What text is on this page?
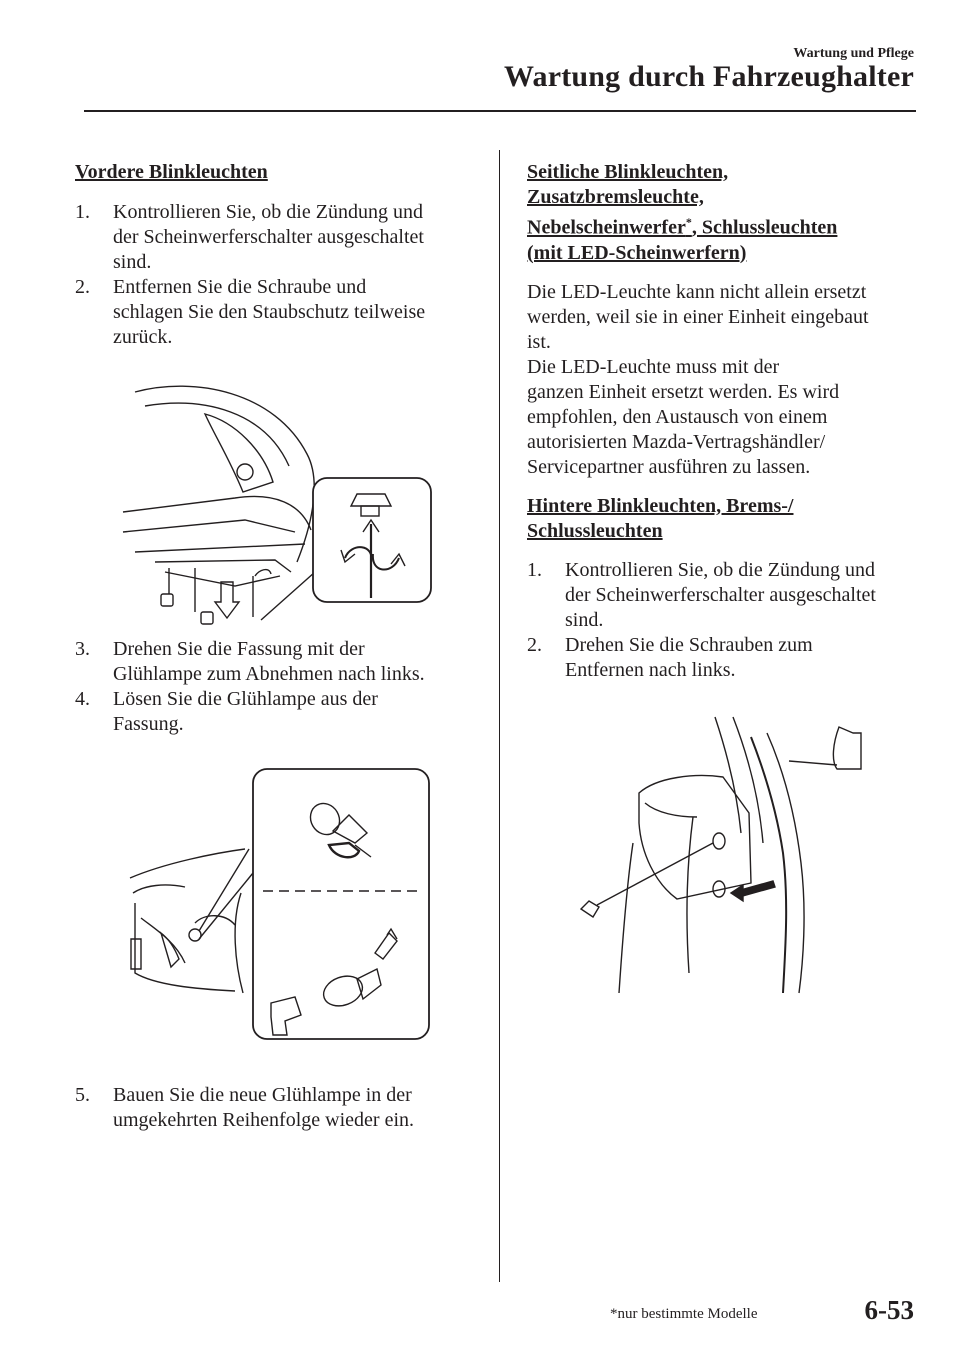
Wartung und Pflege
Wartung durch Fahrzeughalter

Vordere Blinkleuchten

1. Kontrollieren Sie, ob die Zündung und
der Scheinwerferschalter ausgeschaltet
sind.
2. Entfernen Sie die Schraube und
schlagen Sie den Staubschutz teilweise
zurück.
3. Drehen Sie die Fassung mit der
Glühlampe zum Abnehmen nach links.
4. Lösen Sie die Glühlampe aus der
Fassung.
5. Bauen Sie die neue Glühlampe in der
umgekehrten Reihenfolge wieder ein.

Seitliche Blinkleuchten,
Zusatzbremsleuchte,
Nebelscheinwerfer*, Schlussleuchten
(mit LED-Scheinwerfern)

Die LED-Leuchte kann nicht allein ersetzt
werden, weil sie in einer Einheit eingebaut
ist.
Die LED-Leuchte muss mit der
ganzen Einheit ersetzt werden. Es wird
empfohlen, den Austausch von einem
autorisierten Mazda-Vertragshändler/
Servicepartner ausführen zu lassen.

Hintere Blinkleuchten, Brems-/
Schlussleuchten

1. Kontrollieren Sie, ob die Zündung und
der Scheinwerferschalter ausgeschaltet
sind.
2. Drehen Sie die Schrauben zum
Entfernen nach links.
*nur bestimmte Modelle	6-53
